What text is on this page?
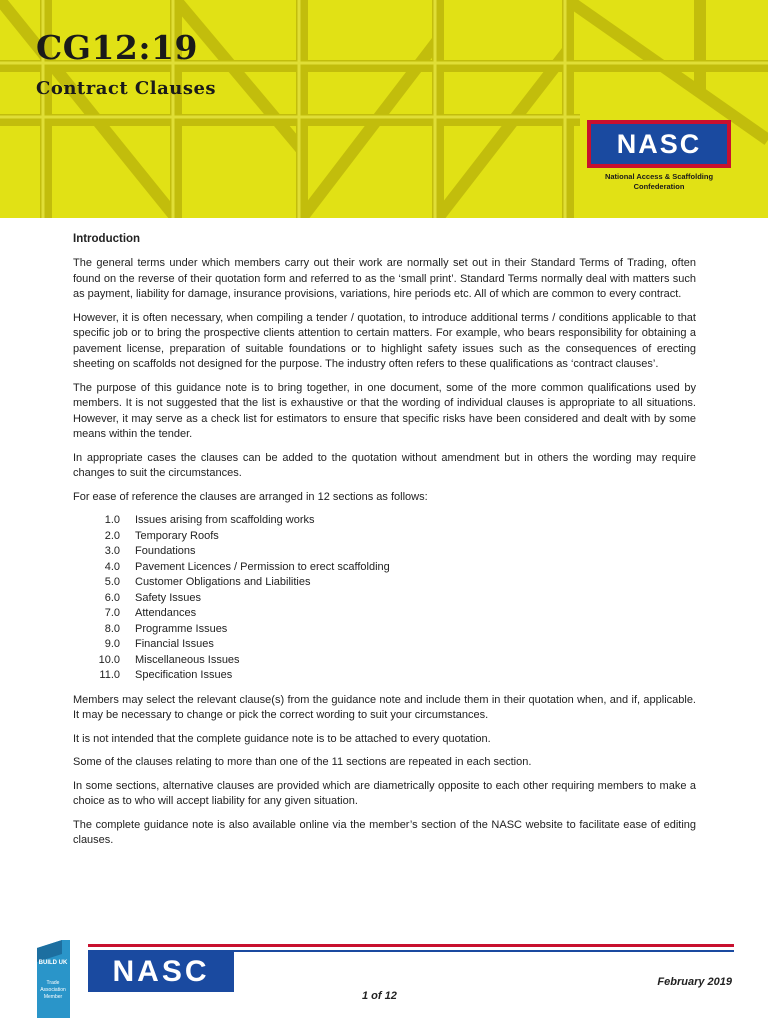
CG12:19
Contract Clauses
NASC
National Access & Scaffolding
Confederation
Introduction

The general terms under which members carry out their work are normally set out in their Standard Terms of Trading, often found on the reverse of their quotation form and referred to as the ‘small print’. Standard Terms normally deal with matters such as payment, liability for damage, insurance provisions, variations, hire periods etc. All of which are common to every contract.

However, it is often necessary, when compiling a tender / quotation, to introduce additional terms / conditions applicable to that specific job or to bring the prospective clients attention to certain matters. For example, who bears responsibility for obtaining a pavement license, preparation of suitable foundations or to highlight safety issues such as the consequences of erecting sheeting on scaffolds not designed for the purpose. The industry often refers to these qualifications as ‘contract clauses’.

The purpose of this guidance note is to bring together, in one document, some of the more common qualifications used by members. It is not suggested that the list is exhaustive or that the wording of individual clauses is appropriate to all situations. However, it may serve as a check list for estimators to ensure that specific risks have been considered and dealt with by some means within the tender.

In appropriate cases the clauses can be added to the quotation without amendment but in others the wording may require changes to suit the circumstances.

For ease of reference the clauses are arranged in 12 sections as follows:

1.0 Issues arising from scaffolding works
2.0 Temporary Roofs
3.0 Foundations
4.0 Pavement Licences / Permission to erect scaffolding
5.0 Customer Obligations and Liabilities
6.0 Safety Issues
7.0 Attendances
8.0 Programme Issues
9.0 Financial Issues
10.0 Miscellaneous Issues
11.0 Specification Issues

Members may select the relevant clause(s) from the guidance note and include them in their quotation when, and if, applicable. It may be necessary to change or pick the correct wording to suit your circumstances.

It is not intended that the complete guidance note is to be attached to every quotation.

Some of the clauses relating to more than one of the 11 sections are repeated in each section.

In some sections, alternative clauses are provided which are diametrically opposite to each other requiring members to make a choice as to who will accept liability for any given situation.

The complete guidance note is also available online via the member’s section of the NASC website to facilitate ease of editing clauses.

BUILD UK
Trade
Association
Member
NASC	February 2019
1 of 12
